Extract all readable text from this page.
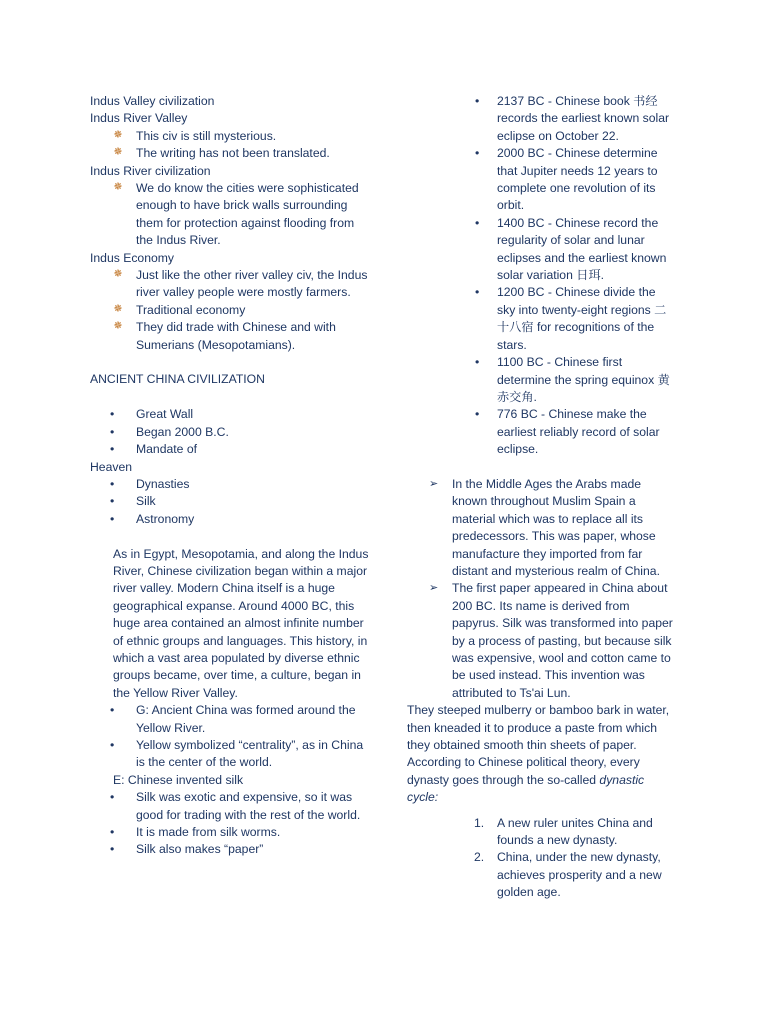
Indus Valley civilization

Indus River Valley

✵ This civ is still mysterious.
✵ The writing has not been translated.

Indus River civilization

✵ We do know the cities were sophisticated enough to have brick walls surrounding them for protection against flooding from the Indus River.

Indus Economy

✵ Just like the other river valley civ, the Indus river valley people were mostly farmers.
✵ Traditional economy
✵ They did trade with Chinese and with Sumerians (Mesopotamians).

ANCIENT CHINA CIVILIZATION

• Great Wall
• Began 2000 B.C.
• Mandate of

Heaven

• Dynasties
• Silk
• Astronomy

As in Egypt, Mesopotamia, and along the Indus River, Chinese civilization began within a major river valley. Modern China itself is a huge geographical expanse. Around 4000 BC, this huge area contained an almost infinite number of ethnic groups and languages. This history, in which a vast area populated by diverse ethnic groups became, over time, a culture, began in the Yellow River Valley.

• G: Ancient China was formed around the Yellow River.
• Yellow symbolized “centrality”, as in China is the center of the world.

E: Chinese invented silk

• Silk was exotic and expensive, so it was good for trading with the rest of the world.
• It is made from silk worms.
• Silk also makes “paper”
• 2137 BC - Chinese book 书经 records the earliest known solar eclipse on October 22.
• 2000 BC - Chinese determine that Jupiter needs 12 years to complete one revolution of its orbit.
• 1400 BC - Chinese record the regularity of solar and lunar eclipses and the earliest known solar variation 日珥.
• 1200 BC - Chinese divide the sky into twenty-eight regions 二十八宿 for recognitions of the stars.
• 1100 BC - Chinese first determine the spring equinox 黄赤交角.
• 776 BC - Chinese make the earliest reliably record of solar eclipse.
➢ In the Middle Ages the Arabs made known throughout Muslim Spain a material which was to replace all its predecessors. This was paper, whose manufacture they imported from far distant and mysterious realm of China.
➢ The first paper appeared in China about 200 BC. Its name is derived from papyrus. Silk was transformed into paper by a process of pasting, but because silk was expensive, wool and cotton came to be used instead. This invention was attributed to Ts'ai Lun.

They steeped mulberry or bamboo bark in water, then kneaded it to produce a paste from which they obtained smooth thin sheets of paper.

According to Chinese political theory, every dynasty goes through the so-called dynastic cycle:

1. A new ruler unites China and founds a new dynasty.
2. China, under the new dynasty, achieves prosperity and a new golden age.
